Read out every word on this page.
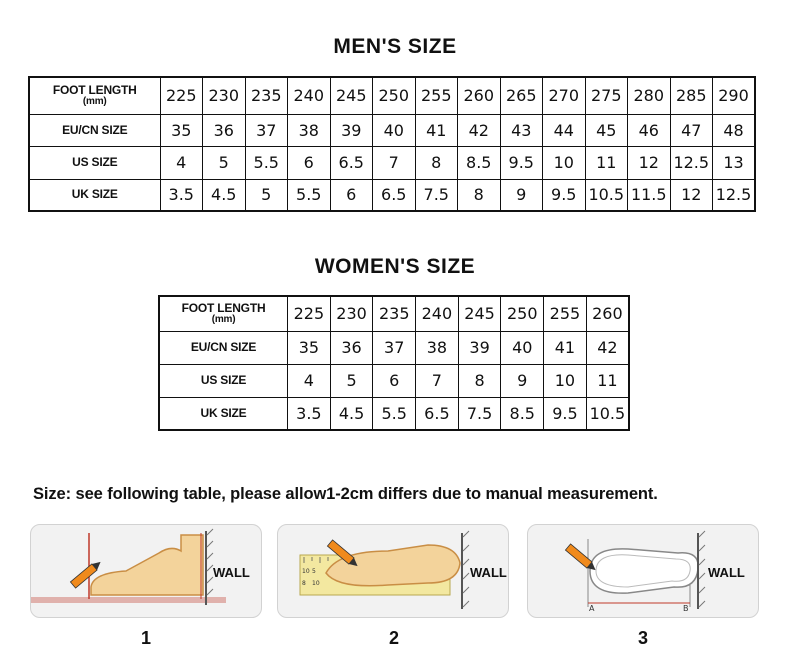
MEN'S SIZE
FOOT LENGTH
(mm)	225	230	235	240	245	250	255	260	265	270	275	280	285	290

EU/CN SIZE	35	36	37	38	39	40	41	42	43	44	45	46	47	48

US SIZE	4	5	5.5	6	6.5	7	8	8.5	9.5	10	11	12	12.5	13

UK SIZE	3.5	4.5	5	5.5	6	6.5	7.5	8	9	9.5	10.5	11.5	12	12.5
WOMEN'S SIZE
FOOT LENGTH
(mm)	225	230	235	240	245	250	255	260

EU/CN SIZE	35	36	37	38	39	40	41	42

US SIZE	4	5	6	7	8	9	10	11

UK SIZE	3.5	4.5	5.5	6.5	7.5	8.5	9.5	10.5
Size: see following table, please allow1-2cm differs due to manual measurement.
WALL
1
10 5
8 10
WALL
2
A	B
WALL
3
